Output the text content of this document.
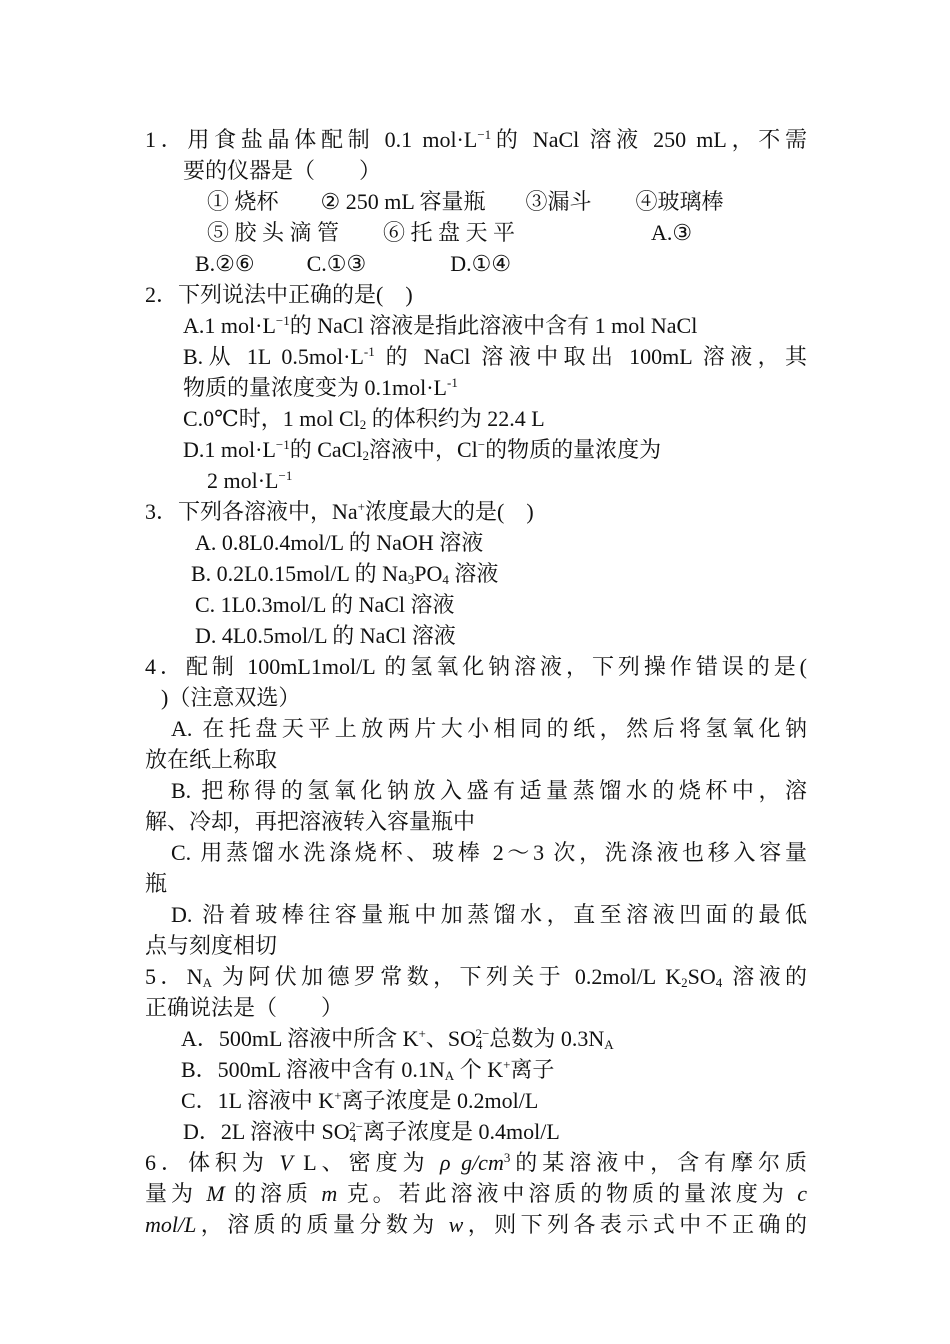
1．用食盐晶体配制 0.1 $mol\cdot L^{-1}$的 NaCl 溶液 250 mL，不需
要的仪器是（　　）
① 烧杯 ② 250 mL 容量瓶 ③漏斗 ④玻璃棒
⑤ 胶 头 滴 管 ⑥ 托 盘 天 平	A.③
B.②⑥ C.①③	D.①④
2．下列说法中正确的是(　)
A.1 $mol\cdot L^{-1}$的 NaCl 溶液是指此溶液中含有 1 mol NaCl
B.从 1L $0.5mol\cdot L^{-1}$ 的 NaCl 溶液中取出 100mL 溶液，其
物质的量浓度变为 $0.1mol\cdot L^{-1}$
C.0℃时，1 mol $Cl_2$ 的体积约为 22.4 L
D.1 $mol\cdot L^{-1}$的 CaCl$_2$溶液中，Cl−的物质的量浓度为
2 $mol\cdot L^{-1}$
3．下列各溶液中，Na+浓度最大的是(　)
A. 0.8L0.4mol/L 的 NaOH 溶液
B. 0.2L0.15mol/L 的 $Na_3PO_4$ 溶液
C. 1L0.3mol/L 的 NaCl 溶液
D. 4L0.5mol/L 的 NaCl 溶液
4．配制 100mL1mol/L 的氢氧化钠溶液，下列操作错误的是(
)（注意双选）
A. 在托盘天平上放两片大小相同的纸，然后将氢氧化钠
放在纸上称取
B. 把称得的氢氧化钠放入盛有适量蒸馏水的烧杯中，溶
解、冷却，再把溶液转入容量瓶中
C. 用蒸馏水洗涤烧杯、玻棒 2～3 次，洗涤液也移入容量
瓶
D. 沿着玻棒往容量瓶中加蒸馏水，直至溶液凹面的最低
点与刻度相切
5．$N_A$ 为阿伏加德罗常数，下列关于 0.2mol/L $K_2SO_4$ 溶液的
正确说法是（　　）
A．500mL 溶液中所含 K+、$SO_4^{2-}$总数为 $0.3N_A$
B．500mL 溶液中含有 $0.1N_A$ 个 K+离子
C．1L 溶液中 K+离子浓度是 0.2mol/L
D．2L 溶液中 $SO_4^{2-}$离子浓度是 0.4mol/L
6．体积为 V L、密度为 ρ $g/cm^3$的某溶液中，含有摩尔质
量为 M 的溶质 m 克。若此溶液中溶质的物质的量浓度为 c
mol/L，溶质的质量分数为 w，则下列各表示式中不正确的
